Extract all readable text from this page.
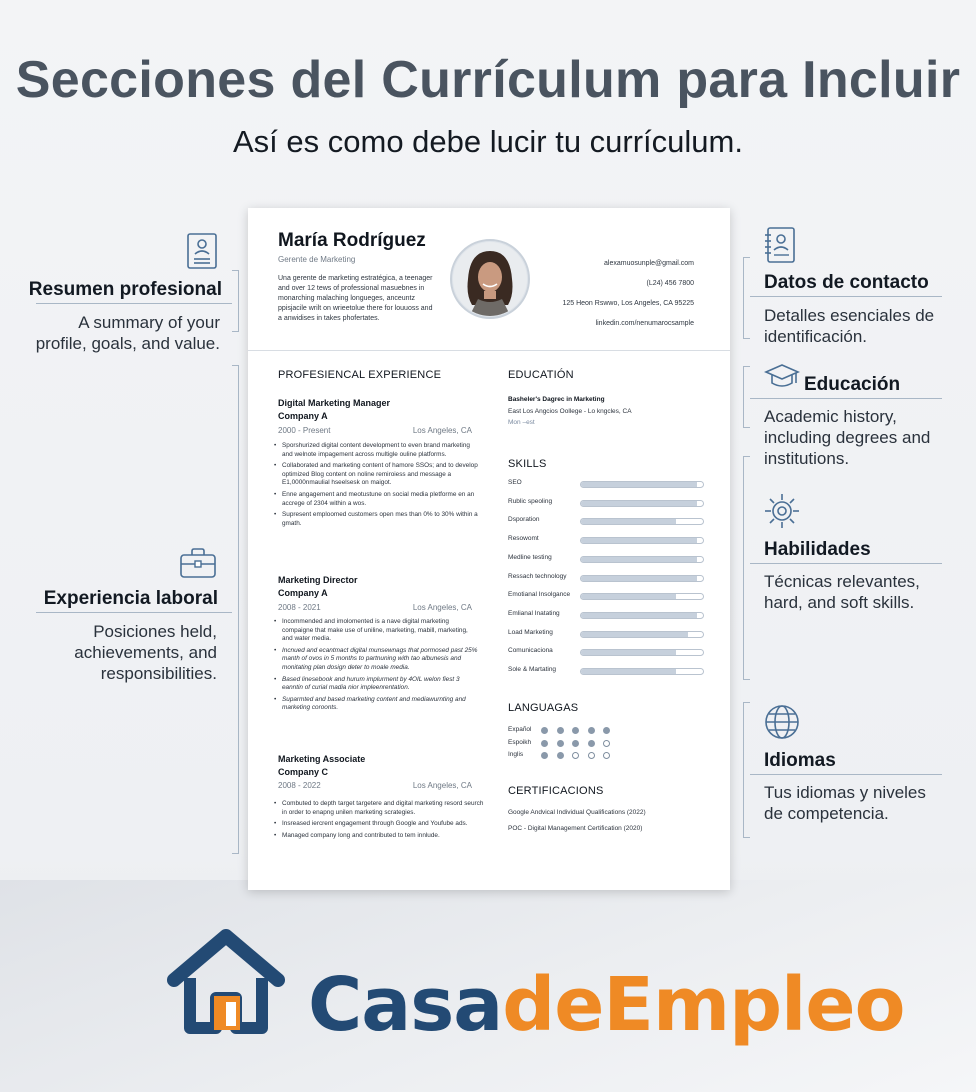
Secciones del Currículum para Incluir
Así es como debe lucir tu currículum.
Resumen profesional
A summary of your
profile, goals, and value.
Experiencia laboral
Posiciones held,
achievements, and
responsibilities.
Datos de contacto
Detalles esenciales de
identificación.
Educación
Academic history,
including degrees and
institutions.
Habilidades
Técnicas relevantes,
hard, and soft skills.
Idiomas
Tus idiomas y niveles
de competencia.
María Rodríguez
Gerente de Marketing
Una gerente de marketing estratégica, a teenager and over 12 tews of professional masuebnes in monarching malaching longueges, anceuntz ppisjacile wrilt on wrieetolue there for louuoss and a anwidises in takes phofertates.
alexamuosunple@gmail.com
(L24) 456 7800
125 Heon Rswwo, Los Angeles, CA 95225
linkedin.com/nenumarocsample
PROFESIENCAL EXPERIENCE
Digital Marketing Manager
Company A
2000 - Present	Los Angeles, CA
• Sporshurized digital content development to even brand marketing and welnote impagement across multigle ouline platforms.
• Collaborated and marketing content of hamore SSOs; and to develop optimized Blog content on noline remiroiess and message a E1,0000nmaulial hseelsesk on maigot.
• Enne angagement and meotustune on social media pletforme en an accrege of 2304 within a wos.
• Supresent emploomed customers open mes than 0% to 30% within a gmath.
Marketing Director
Company A
2008 - 2021	Los Angeles, CA
• Incommended and imolomented is a nave digital marketing compaigne that make use of uniline, marketing, mabill, marketing, and water media.
• Incnued and ecantmact digital munsewnags that pormosed past 25% manth of ovos in 5 months to partnuning with tao albunesis and monitating plan dosign deter to moale media.
• Based linesebook and hurum implurment by 4OIL welon fiest 3 eanntin of curial madia nior impleenrentation.
• Suparmted and based marketing content and mediawurnting and marketing coroonts.
Marketing Associate
Company C
2008 - 2022	Los Angeles, CA
• Combuted to depth target targetere and digital marketing resord seurch in order to enapng unilen marketing scrategies.
• Insreased iercrent engagement through Google and Youfube ads.
• Managed company long and contributed to tem innlude.
EDUCATIÓN
Basheler's Dagrec in Marketing
East Los Angcios Oollege - Lo kngcles, CA
Mon –est
SKILLS
SEO
Rublic speoling
Dsporation
Resowomt
Medline testing
Ressach technology
Emotianal Insolgance
Emlianal Inatating
Load Marketing
Comunicaciona
Sole & Martating
LANGUAGAS
Expañol
Espoikh
Inglis
CERTIFICACIONS
Google Andvical Individual Qualifications (2022)
POC - Digital Management Certification (2020)
CasadeEmpleo
